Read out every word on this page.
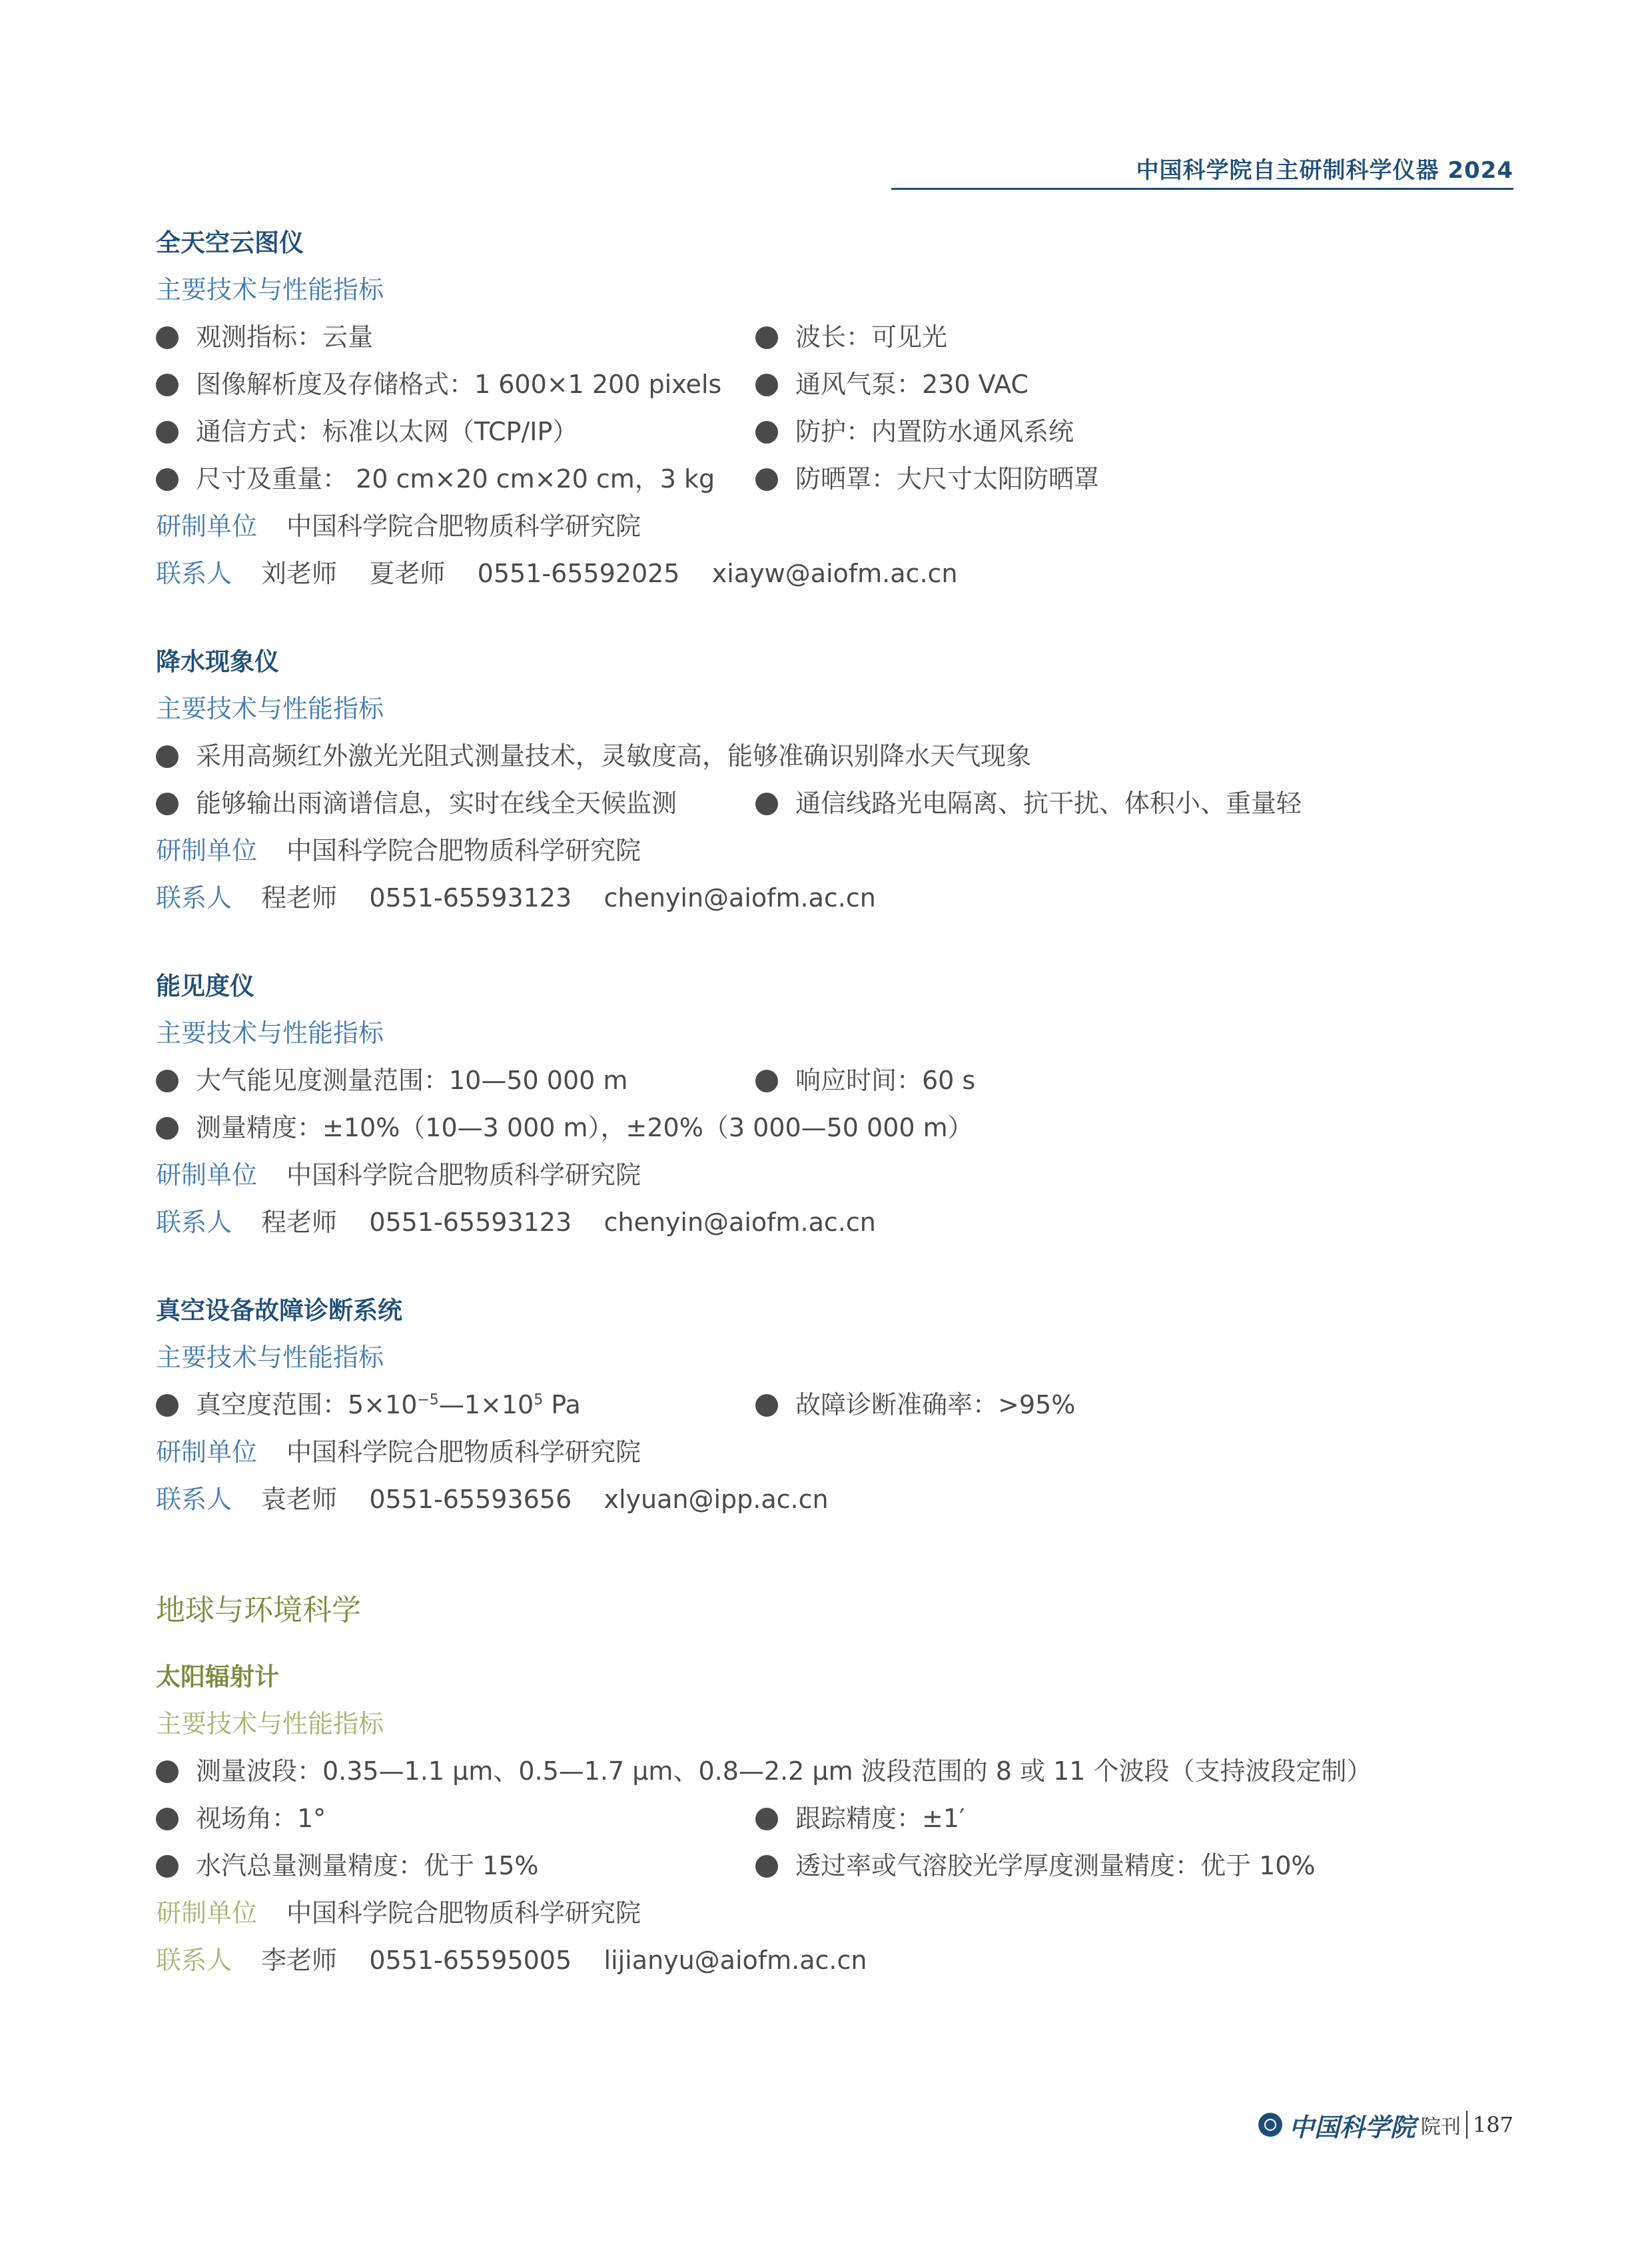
中国科学院自主研制科学仪器 2024
全天空云图仪
主要技术与性能指标
观测指标：云量	波长：可见光
图像解析度及存储格式：1 600×1 200 pixels	通风气泵：230 VAC
通信方式：标准以太网（TCP/IP）	防护：内置防水通风系统
尺寸及重量： 20 cm×20 cm×20 cm，3 kg	防晒罩：大尺寸太阳防晒罩
研制单位 中国科学院合肥物质科学研究院
联系人 刘老师    夏老师    0551-65592025    xiayw@aiofm.ac.cn
降水现象仪
主要技术与性能指标
采用高频红外激光光阻式测量技术，灵敏度高，能够准确识别降水天气现象
能够输出雨滴谱信息，实时在线全天候监测	通信线路光电隔离、抗干扰、体积小、重量轻
研制单位 中国科学院合肥物质科学研究院
联系人 程老师    0551-65593123    chenyin@aiofm.ac.cn
能见度仪
主要技术与性能指标
大气能见度测量范围：10—50 000 m	响应时间：60 s
测量精度：±10%（10—3 000 m），±20%（3 000—50 000 m）
研制单位 中国科学院合肥物质科学研究院
联系人 程老师    0551-65593123    chenyin@aiofm.ac.cn
真空设备故障诊断系统
主要技术与性能指标
真空度范围：$5\times 10^{-5}—1\times 10^5$ Pa	故障诊断准确率：>95%
研制单位 中国科学院合肥物质科学研究院
联系人 袁老师    0551-65593656    xlyuan@ipp.ac.cn
地球与环境科学
太阳辐射计
主要技术与性能指标
测量波段：0.35—1.1 μm、0.5—1.7 μm、0.8—2.2 μm 波段范围的 8 或 11 个波段（支持波段定制）
视场角：1°	跟踪精度：±1′
水汽总量测量精度：优于 15%	透过率或气溶胶光学厚度测量精度：优于 10%
研制单位 中国科学院合肥物质科学研究院
联系人 李老师    0551-65595005    lijianyu@aiofm.ac.cn
中国科学院 院刊 187
